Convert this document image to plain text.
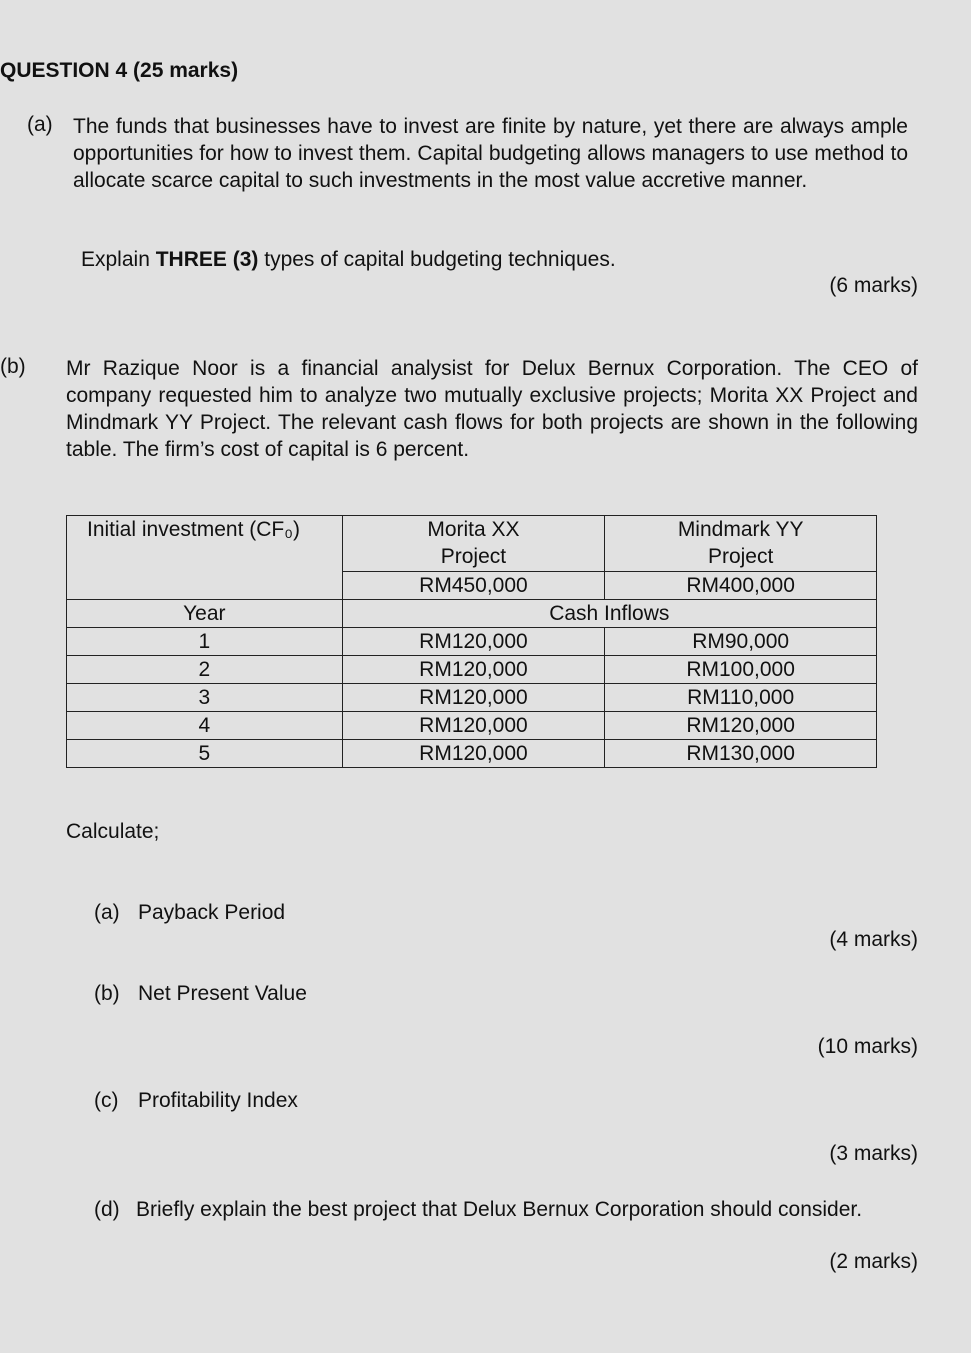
QUESTION 4 (25 marks)
(a) The funds that businesses have to invest are finite by nature, yet there are always ample opportunities for how to invest them. Capital budgeting allows managers to use method to allocate scarce capital to such investments in the most value accretive manner.
Explain THREE (3) types of capital budgeting techniques.
(6 marks)
(b) Mr Razique Noor is a financial analysist for Delux Bernux Corporation. The CEO of company requested him to analyze two mutually exclusive projects; Morita XX Project and Mindmark YY Project. The relevant cash flows for both projects are shown in the following table. The firm’s cost of capital is 6 percent.
Initial investment (CF₀)	Morita XX Project	Mindmark YY Project

	RM450,000	RM400,000
Year	Cash Inflows	
1	RM120,000	RM90,000
2	RM120,000	RM100,000
3	RM120,000	RM110,000
4	RM120,000	RM120,000
5	RM120,000	RM130,000
Calculate;
(a) Payback Period
(4 marks)
(b) Net Present Value
(10 marks)
(c) Profitability Index
(3 marks)
(d) Briefly explain the best project that Delux Bernux Corporation should consider.
(2 marks)
